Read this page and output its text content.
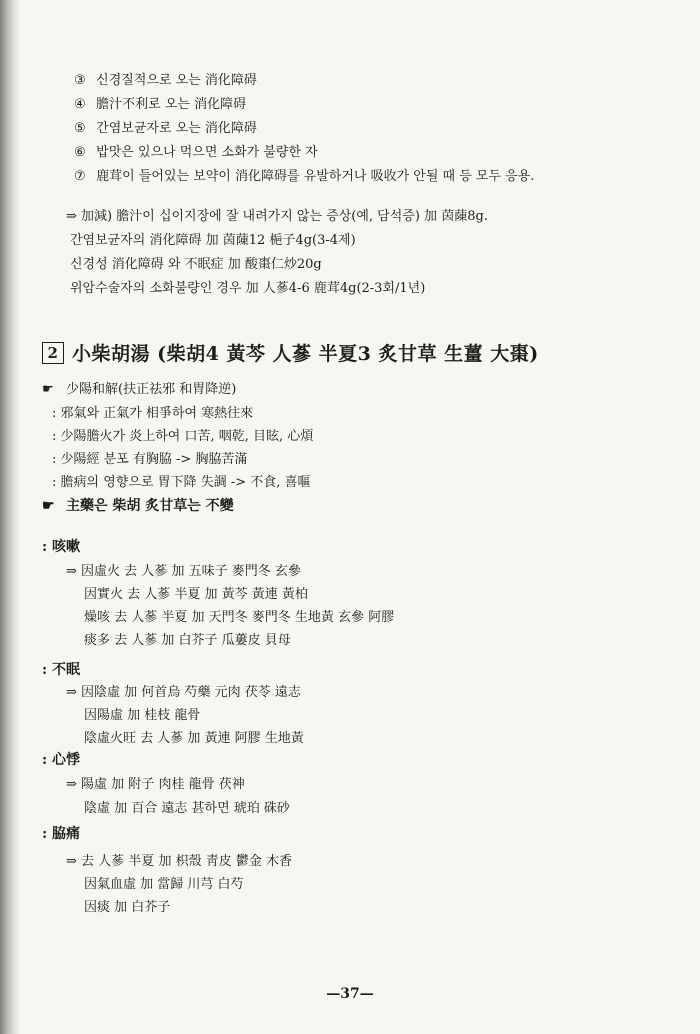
③ 신경질적으로 오는 消化障碍
④ 膽汁不利로 오는 消化障碍
⑤ 간염보균자로 오는 消化障碍
⑥ 밥맛은 있으나 먹으면 소화가 불량한 자
⑦ 鹿茸이 들어있는 보약이 消化障碍를 유발하거나 吸收가 안될 때 등 모두 응용.
⇒ 加減) 膽汁이 십이지장에 잘 내려가지 않는 증상(예, 담석증) 加 茵蔯8g.
간염보균자의 消化障碍 加 茵蔯12 梔子4g(3-4제)
신경성 消化障碍 와 不眠症 加 酸棗仁炒20g
위암수술자의 소화불량인 경우 加 人蔘4-6 鹿茸4g(2-3회/1년)
2 小柴胡湯 (柴胡4 黃芩 人蔘 半夏3 炙甘草 生薑 大棗)
☛ 少陽和解(扶正祛邪 和胃降逆)
: 邪氣와 正氣가 相爭하여 寒熱往來
: 少陽膽火가 炎上하여 口苦, 咽乾, 目眩, 心煩
: 少陽經 분포 有胸脇 -> 胸脇苦滿
: 膽病의 영향으로 胃下降 失調 -> 不食, 喜嘔
☛ 主藥은 柴胡 炙甘草는 不變
: 咳嗽
⇒ 因虛火 去 人蔘 加 五味子 麥門冬 玄參
因實火 去 人蔘 半夏 加 黃芩 黃連 黃柏
燥咳 去 人蔘 半夏 加 天門冬 麥門冬 生地黃 玄參 阿膠
痰多 去 人蔘 加 白芥子 瓜蔞皮 貝母
: 不眠
⇒ 因陰虛 加 何首烏 芍藥 元肉 茯苓 遠志
因陽虛 加 桂枝 龍骨
陰虛火旺 去 人蔘 加 黃連 阿膠 生地黃
: 心悸
⇒ 陽虛 加 附子 肉桂 龍骨 茯神
陰虛 加 百合 遠志 甚하면 琥珀 硃砂
: 脇痛
⇒ 去 人蔘 半夏 加 枳殼 靑皮 鬱金 木香
因氣血虛 加 當歸 川芎 白芍
因痰 加 白芥子
—37—
